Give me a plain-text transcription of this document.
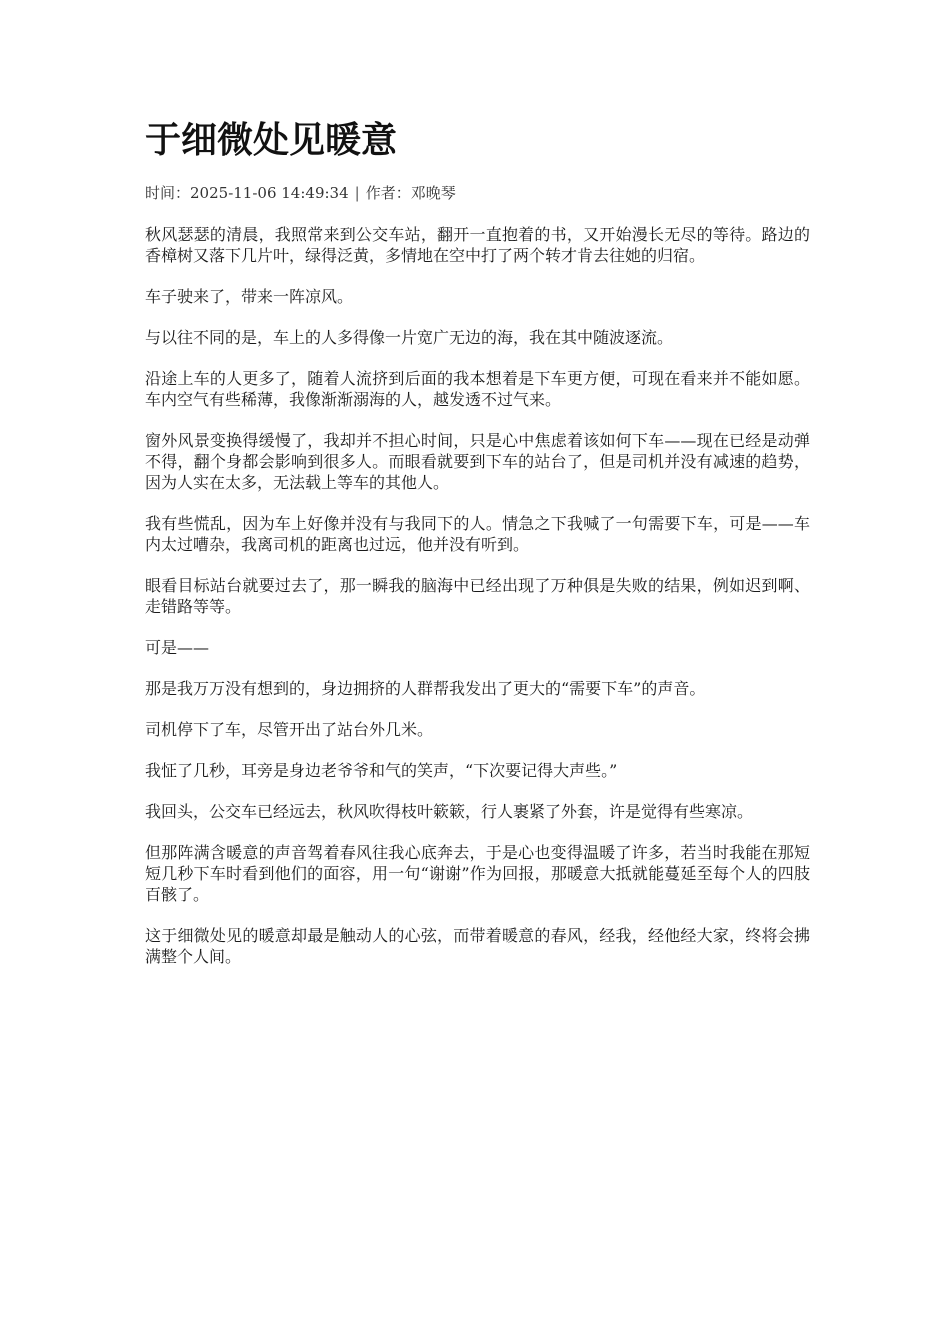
于细微处见暖意
时间：2025-11-06 14:49:34 | 作者：邓晚琴

秋风瑟瑟的清晨，我照常来到公交车站，翻开一直抱着的书，又开始漫长无尽的等待。路边的香樟树又落下几片叶，绿得泛黄，多情地在空中打了两个转才肯去往她的归宿。

车子驶来了，带来一阵凉风。

与以往不同的是，车上的人多得像一片宽广无边的海，我在其中随波逐流。

沿途上车的人更多了，随着人流挤到后面的我本想着是下车更方便，可现在看来并不能如愿。车内空气有些稀薄，我像渐渐溺海的人，越发透不过气来。

窗外风景变换得缓慢了，我却并不担心时间，只是心中焦虑着该如何下车——现在已经是动弹不得，翻个身都会影响到很多人。而眼看就要到下车的站台了，但是司机并没有减速的趋势，因为人实在太多，无法载上等车的其他人。

我有些慌乱，因为车上好像并没有与我同下的人。情急之下我喊了一句需要下车，可是——车内太过嘈杂，我离司机的距离也过远，他并没有听到。

眼看目标站台就要过去了，那一瞬我的脑海中已经出现了万种俱是失败的结果，例如迟到啊、走错路等等。

可是——

那是我万万没有想到的，身边拥挤的人群帮我发出了更大的“需要下车”的声音。

司机停下了车，尽管开出了站台外几米。

我怔了几秒，耳旁是身边老爷爷和气的笑声，“下次要记得大声些。”

我回头，公交车已经远去，秋风吹得枝叶簌簌，行人裹紧了外套，许是觉得有些寒凉。

但那阵满含暖意的声音驾着春风往我心底奔去，于是心也变得温暖了许多，若当时我能在那短短几秒下车时看到他们的面容，用一句“谢谢”作为回报，那暖意大抵就能蔓延至每个人的四肢百骸了。

这于细微处见的暖意却最是触动人的心弦，而带着暖意的春风，经我，经他经大家，终将会拂满整个人间。
